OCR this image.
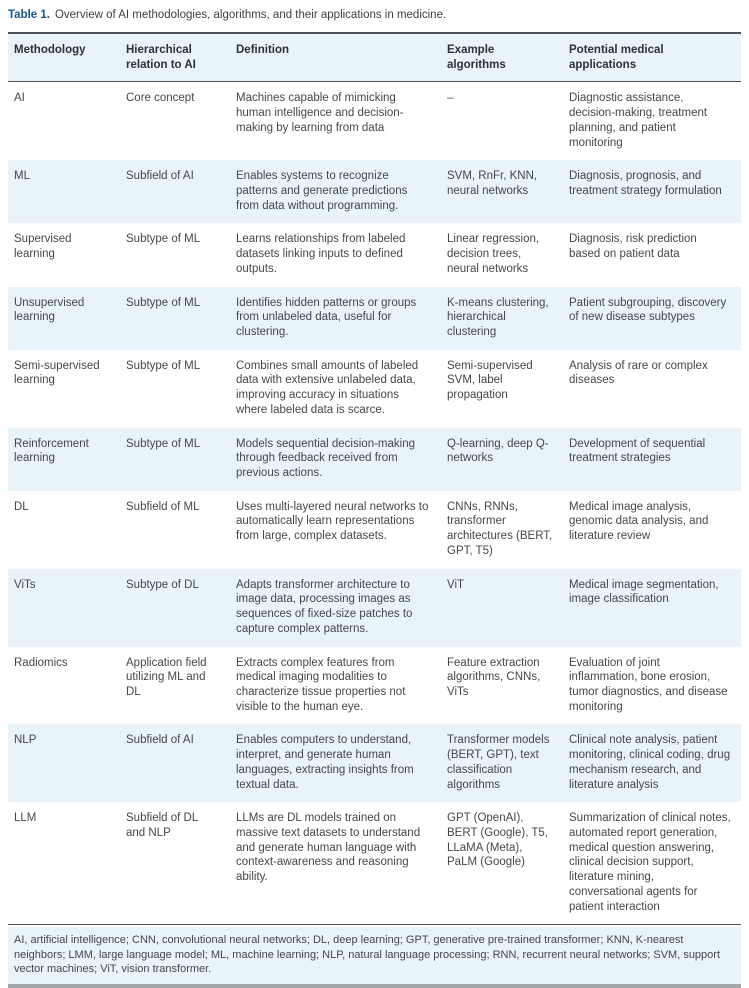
Table 1. Overview of AI methodologies, algorithms, and their applications in medicine.
Methodology	Hierarchical relation to AI	Definition	Example algorithms	Potential medical applications
AI	Core concept	Machines capable of mimicking human intelligence and decision-making by learning from data	–	Diagnostic assistance, decision-making, treatment planning, and patient monitoring
ML	Subfield of AI	Enables systems to recognize patterns and generate predictions from data without programming.	SVM, RnFr, KNN, neural networks	Diagnosis, prognosis, and treatment strategy formulation
Supervised learning	Subtype of ML	Learns relationships from labeled datasets linking inputs to defined outputs.	Linear regression, decision trees, neural networks	Diagnosis, risk prediction based on patient data
Unsupervised learning	Subtype of ML	Identifies hidden patterns or groups from unlabeled data, useful for clustering.	K-means clustering, hierarchical clustering	Patient subgrouping, discovery of new disease subtypes
Semi-supervised learning	Subtype of ML	Combines small amounts of labeled data with extensive unlabeled data, improving accuracy in situations where labeled data is scarce.	Semi-supervised SVM, label propagation	Analysis of rare or complex diseases
Reinforcement learning	Subtype of ML	Models sequential decision-making through feedback received from previous actions.	Q-learning, deep Q-networks	Development of sequential treatment strategies
DL	Subfield of ML	Uses multi-layered neural networks to automatically learn representations from large, complex datasets.	CNNs, RNNs, transformer architectures (BERT, GPT, T5)	Medical image analysis, genomic data analysis, and literature review
ViTs	Subtype of DL	Adapts transformer architecture to image data, processing images as sequences of fixed-size patches to capture complex patterns.	ViT	Medical image segmentation, image classification
Radiomics	Application field utilizing ML and DL	Extracts complex features from medical imaging modalities to characterize tissue properties not visible to the human eye.	Feature extraction algorithms, CNNs, ViTs	Evaluation of joint inflammation, bone erosion, tumor diagnostics, and disease monitoring
NLP	Subfield of AI	Enables computers to understand, interpret, and generate human languages, extracting insights from textual data.	Transformer models (BERT, GPT), text classification algorithms	Clinical note analysis, patient monitoring, clinical coding, drug mechanism research, and literature analysis
LLM	Subfield of DL and NLP	LLMs are DL models trained on massive text datasets to understand and generate human language with context-awareness and reasoning ability.	GPT (OpenAI), BERT (Google), T5, LLaMA (Meta), PaLM (Google)	Summarization of clinical notes, automated report generation, medical question answering, clinical decision support, literature mining, conversational agents for patient interaction
AI, artificial intelligence; CNN, convolutional neural networks; DL, deep learning; GPT, generative pre-trained transformer; KNN, K-nearest neighbors; LMM, large language model; ML, machine learning; NLP, natural language processing; RNN, recurrent neural networks; SVM, support vector machines; ViT, vision transformer.
